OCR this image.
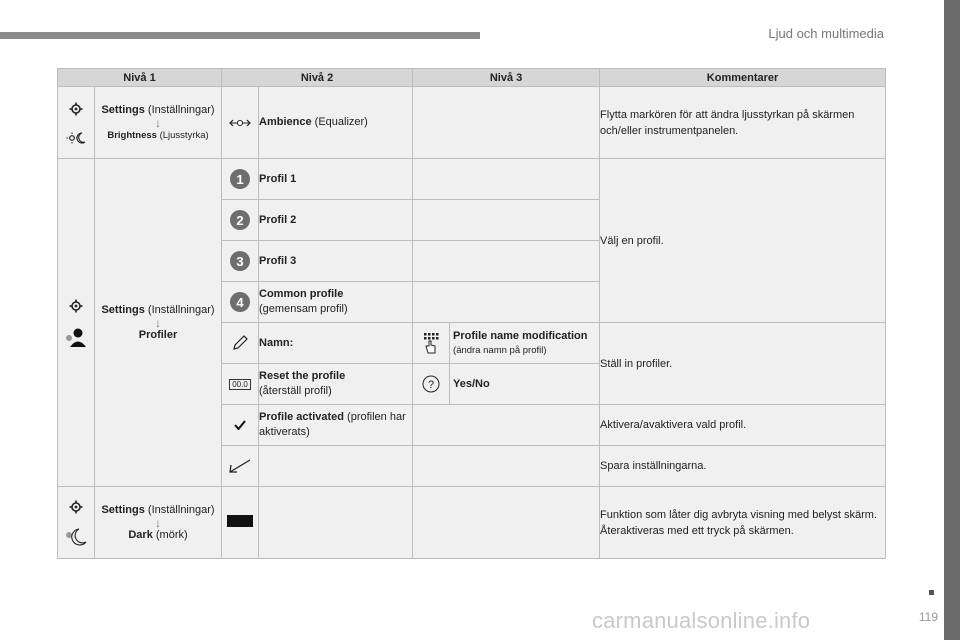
Ljud och multimedia
119
carmanualsonline.info
Nivå 1		Nivå 2		Nivå 3		Kommentarer

Settings (Inställningar)
↓
Brightness (Ljusstyrka)		Ambience (Equalizer)			Flytta markören för att ändra ljusstyrkan på skärmen och/eller instrumentpanelen.

Settings (Inställningar)
↓
Profiler	1	Profil 1			Välj en profil.
		2	Profil 2			
		3	Profil 3			
		4	Common profile
(gemensam profil)			
	Namn:		Profile name modification
(ändra namn på profil)	Ställ in profiler.
		00.0	Reset the profile
(återställ profil)	?	Yes/No	
	Profile activated (profilen har aktiverats)			Aktivera/avaktivera vald profil.
			Spara inställningarna.

Settings (Inställningar)
↓
Dark (mörk)					Funktion som låter dig avbryta visning med belyst skärm.
Återaktiveras med ett tryck på skärmen.
